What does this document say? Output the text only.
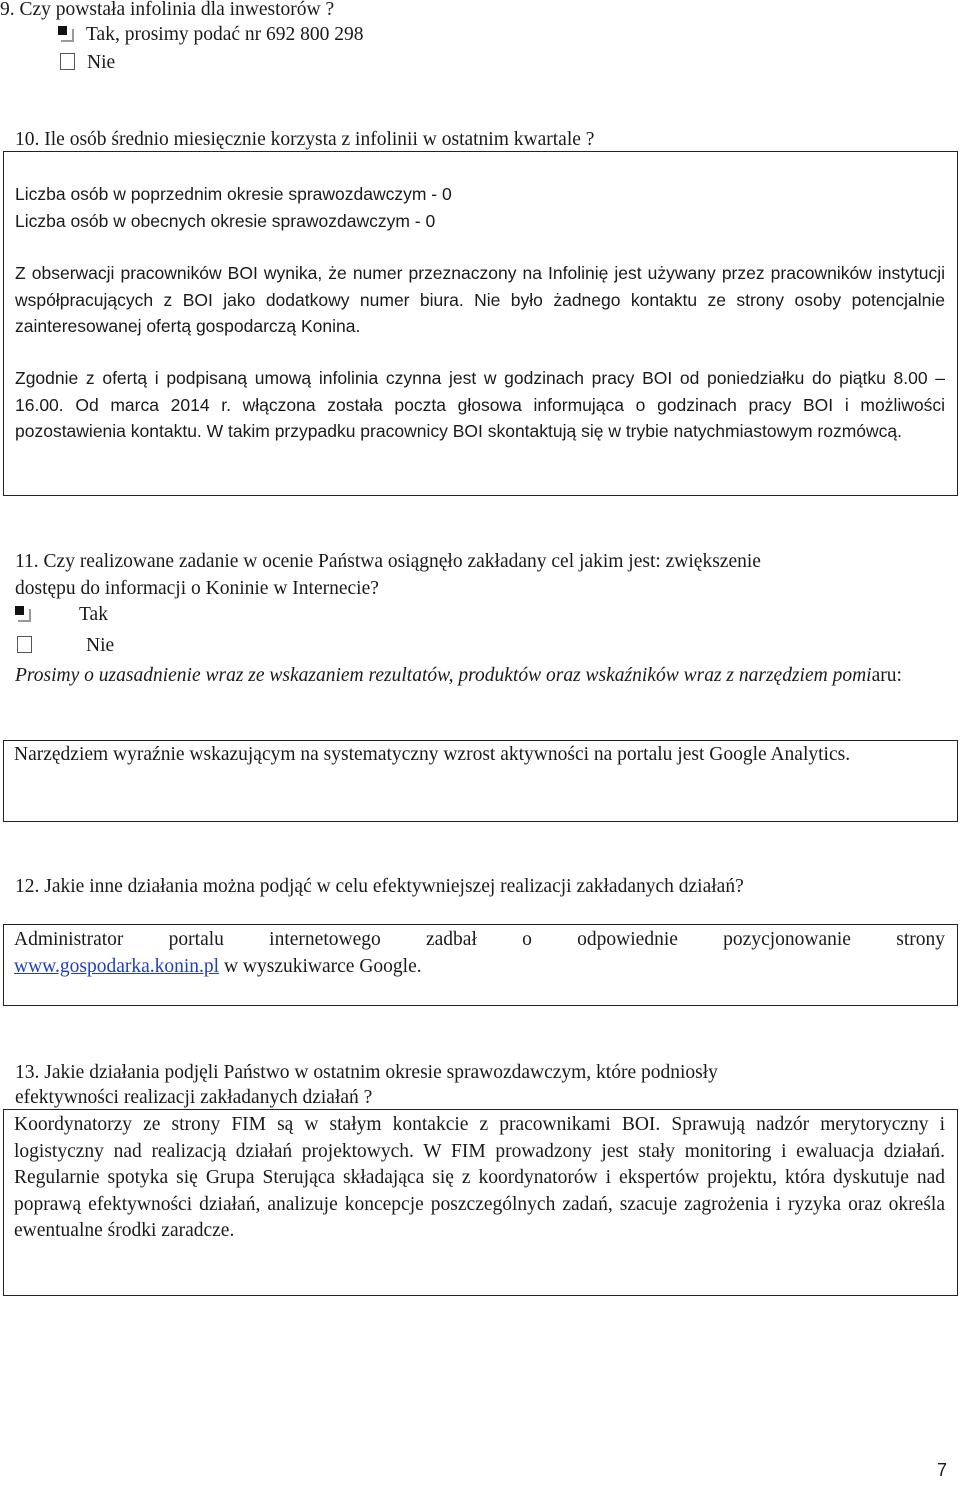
9. Czy powstała infolinia dla inwestorów ?
Tak, prosimy podać nr 692 800 298
Nie
10. Ile osób średnio miesięcznie korzysta z infolinii w ostatnim kwartale ?
Liczba osób w poprzednim okresie sprawozdawczym - 0
Liczba osób w obecnych okresie sprawozdawczym - 0
Z obserwacji pracowników BOI wynika, że numer przeznaczony na Infolinię jest używany przez pracowników instytucji współpracujących z BOI jako dodatkowy numer biura. Nie było żadnego kontaktu ze strony osoby potencjalnie zainteresowanej ofertą gospodarczą Konina.
Zgodnie z ofertą i podpisaną umową infolinia czynna jest w godzinach pracy BOI od poniedziałku do piątku 8.00 – 16.00. Od marca 2014 r. włączona została poczta głosowa informująca o godzinach pracy BOI i możliwości pozostawienia kontaktu. W takim przypadku pracownicy BOI skontaktują się w trybie natychmiastowym rozmówcą.
11. Czy realizowane zadanie w ocenie Państwa osiągnęło zakładany cel jakim jest: zwiększenie
dostępu do informacji o Koninie w Internecie?
Tak
Nie
Prosimy o uzasadnienie wraz ze wskazaniem rezultatów, produktów oraz wskaźników wraz z narzędziem pomiaru:
Narzędziem wyraźnie wskazującym na systematyczny wzrost aktywności na portalu jest Google Analytics.
12. Jakie inne działania można podjąć w celu efektywniejszej realizacji zakładanych działań?
Administrator portalu internetowego zadbał o odpowiednie pozycjonowanie strony
www.gospodarka.konin.pl w wyszukiwarce Google.
13. Jakie działania podjęli Państwo w ostatnim okresie sprawozdawczym, które podniosły
efektywności realizacji zakładanych działań ?
Koordynatorzy ze strony FIM są w stałym kontakcie z pracownikami BOI. Sprawują nadzór merytoryczny i logistyczny nad realizacją działań projektowych. W FIM prowadzony jest stały monitoring i ewaluacja działań. Regularnie spotyka się Grupa Sterująca składająca się z koordynatorów i ekspertów projektu, która dyskutuje nad poprawą efektywności działań, analizuje koncepcje poszczególnych zadań, szacuje zagrożenia i ryzyka oraz określa ewentualne środki zaradcze.
7
